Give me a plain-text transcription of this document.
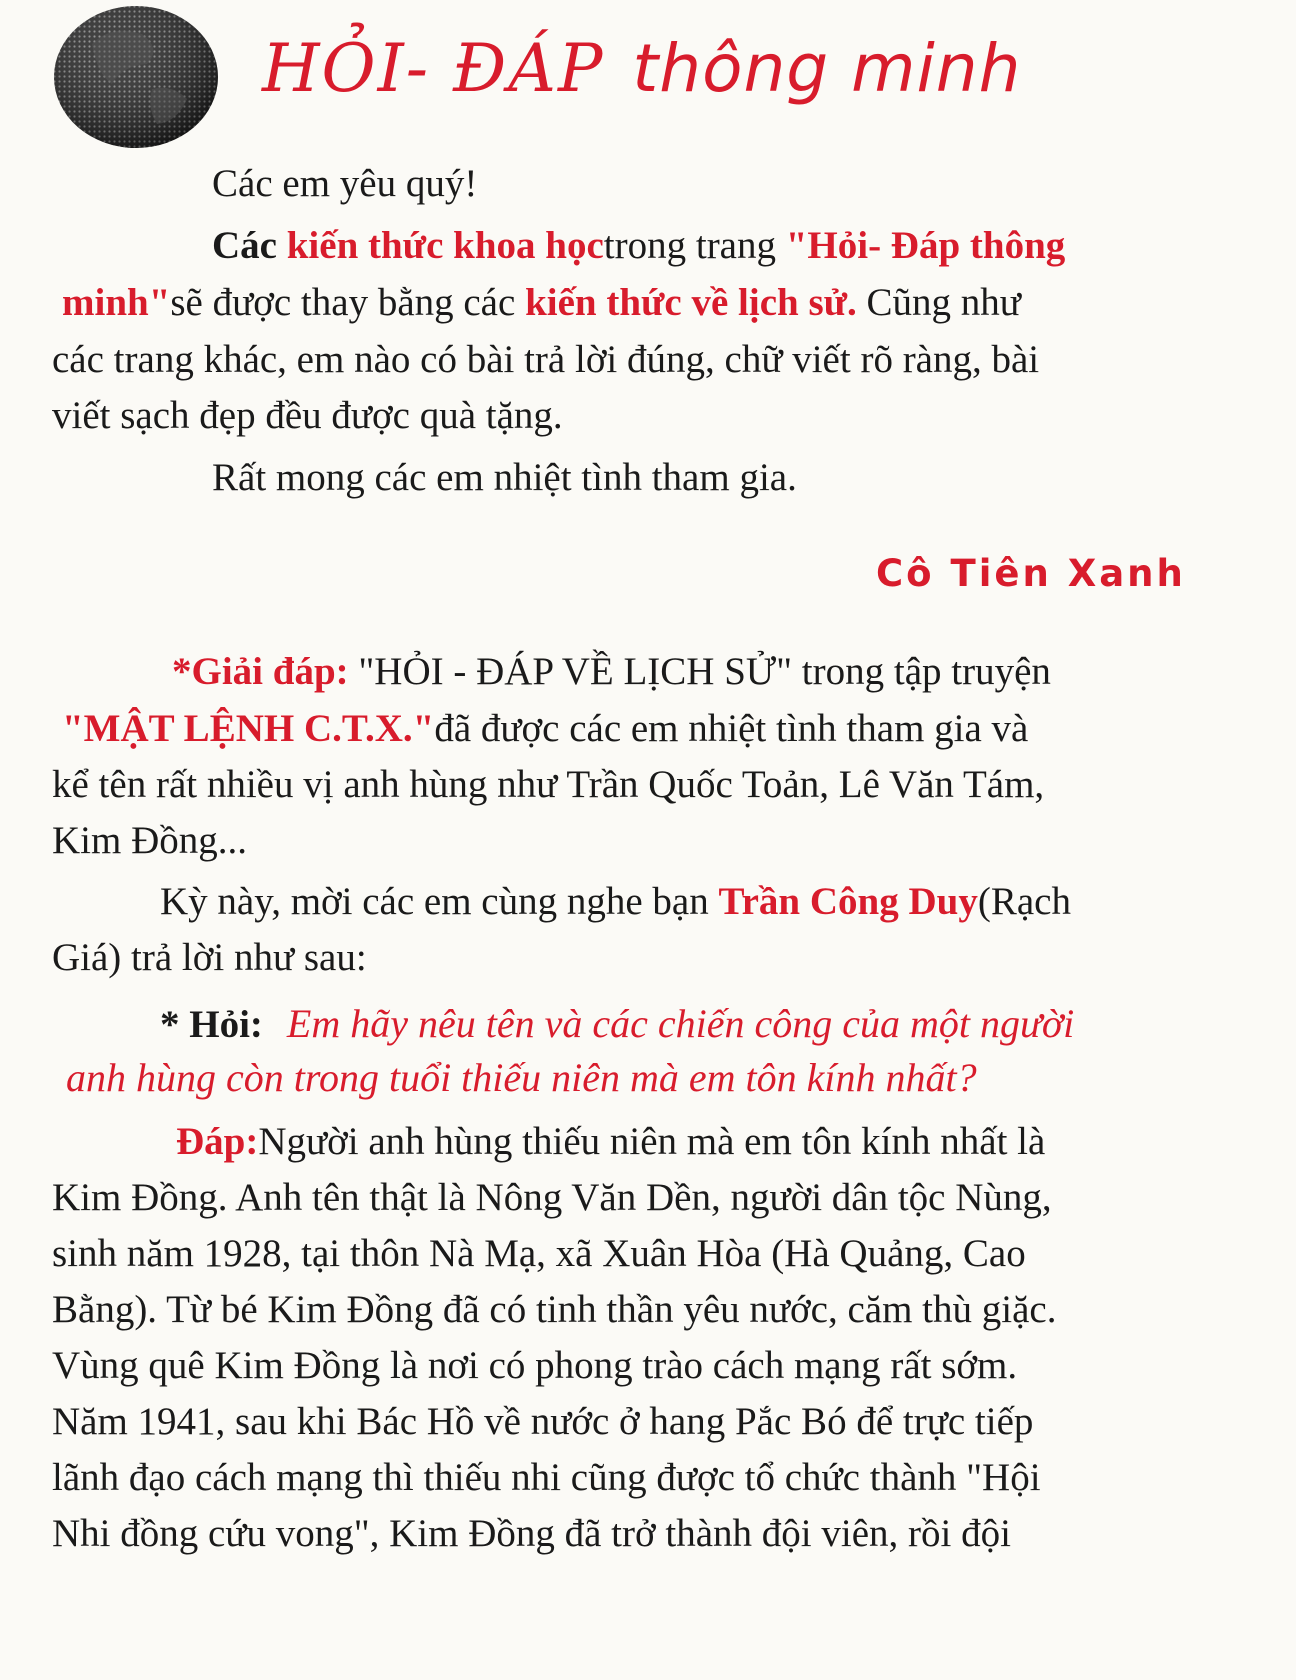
HỎI- ĐÁP thông minh
Các em yêu quý!
Các kiến thức khoa họctrong trang "Hỏi- Đáp thông
minh"sẽ được thay bằng các kiến thức về lịch sử. Cũng như
các trang khác, em nào có bài trả lời đúng, chữ viết rõ ràng, bài
viết sạch đẹp đều được quà tặng.
Rất mong các em nhiệt tình tham gia.
Cô Tiên Xanh
*Giải đáp: "HỎI - ĐÁP VỀ LỊCH SỬ" trong tập truyện
"MẬT LỆNH C.T.X."đã được các em nhiệt tình tham gia và
kể tên rất nhiều vị anh hùng như Trần Quốc Toản, Lê Văn Tám,
Kim Đồng...
Kỳ này, mời các em cùng nghe bạn Trần Công Duy(Rạch
Giá) trả lời như sau:
* Hỏi: Em hãy nêu tên và các chiến công của một người
anh hùng còn trong tuổi thiếu niên mà em tôn kính nhất?
Đáp:Người anh hùng thiếu niên mà em tôn kính nhất là
Kim Đồng. Anh tên thật là Nông Văn Dền, người dân tộc Nùng,
sinh năm 1928, tại thôn Nà Mạ, xã Xuân Hòa (Hà Quảng, Cao
Bằng). Từ bé Kim Đồng đã có tinh thần yêu nước, căm thù giặc.
Vùng quê Kim Đồng là nơi có phong trào cách mạng rất sớm.
Năm 1941, sau khi Bác Hồ về nước ở hang Pắc Bó để trực tiếp
lãnh đạo cách mạng thì thiếu nhi cũng được tổ chức thành "Hội
Nhi đồng cứu vong", Kim Đồng đã trở thành đội viên, rồi đội
